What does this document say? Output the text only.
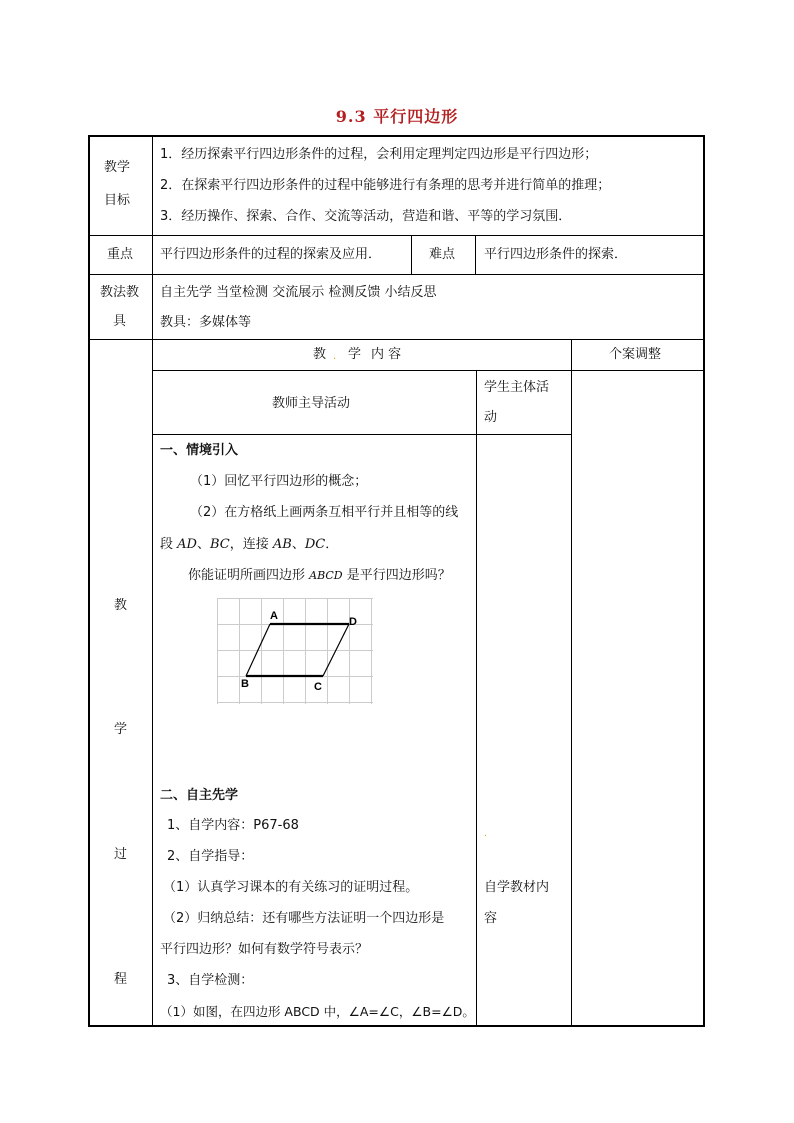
9.3 平行四边形
教学
目标
1．经历探索平行四边形条件的过程，会利用定理判定四边形是平行四边形；
2．在探索平行四边形条件的过程中能够进行有条理的思考并进行简单的推理；
3．经历操作、探索、合作、交流等活动，营造和谐、平等的学习氛围．
重点 平行四边形条件的过程的探索及应用．	难点 平行四边形条件的探索．
教法教
具
自主先学 当堂检测 交流展示 检测反馈 小结反思
教具：多媒体等
教
学
过
程
教 . 学 内 容	个案调整
教师主导活动
学生主体活
动
一、情境引入
（1）回忆平行四边形的概念；
（2）在方格纸上画两条互相平行并且相等的线
段 AD、BC，连接 AB、DC．
你能证明所画四边形 ABCD 是平行四边形吗？
A	D
B	C
二、自主先学
1、自学内容：P67-68
2、自学指导：
（1）认真学习课本的有关练习的证明过程。
（2）归纳总结：还有哪些方法证明一个四边形是
平行四边形？如何有数学符号表示？
3、自学检测：
（1）如图，在四边形 ABCD 中，∠A=∠C，∠B=∠D。
.
自学教材内
容
